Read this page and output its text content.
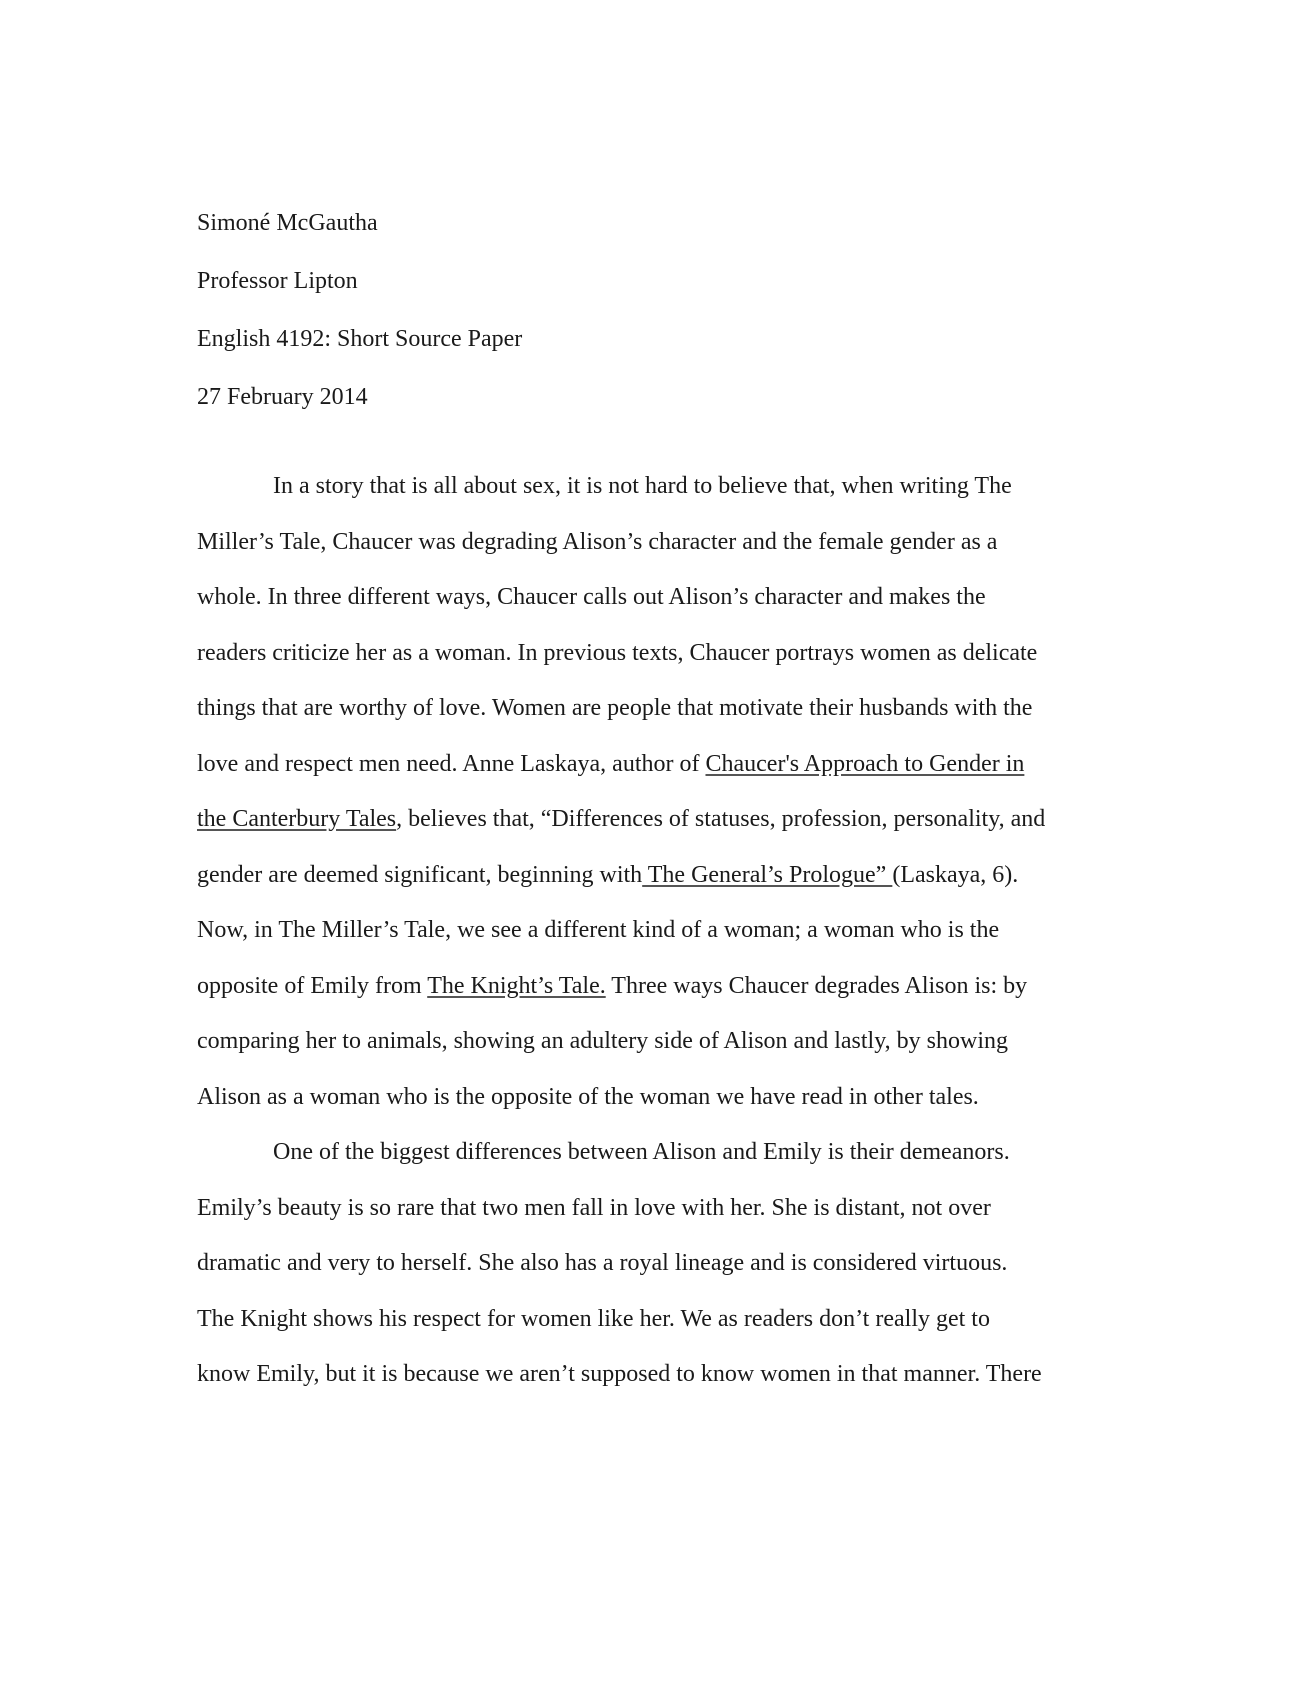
Simoné McGautha
Professor Lipton
English 4192: Short Source Paper
27 February 2014
In a story that is all about sex, it is not hard to believe that, when writing The
Miller’s Tale, Chaucer was degrading Alison’s character and the female gender as a
whole. In three different ways, Chaucer calls out Alison’s character and makes the
readers criticize her as a woman. In previous texts, Chaucer portrays women as delicate
things that are worthy of love. Women are people that motivate their husbands with the
love and respect men need. Anne Laskaya, author of Chaucer's Approach to Gender in
the Canterbury Tales, believes that, “Differences of statuses, profession, personality, and
gender are deemed significant, beginning with The General’s Prologue” (Laskaya, 6).
Now, in The Miller’s Tale, we see a different kind of a woman; a woman who is the
opposite of Emily from The Knight’s Tale. Three ways Chaucer degrades Alison is: by
comparing her to animals, showing an adultery side of Alison and lastly, by showing
Alison as a woman who is the opposite of the woman we have read in other tales.
One of the biggest differences between Alison and Emily is their demeanors.
Emily’s beauty is so rare that two men fall in love with her. She is distant, not over
dramatic and very to herself. She also has a royal lineage and is considered virtuous.
The Knight shows his respect for women like her. We as readers don’t really get to
know Emily, but it is because we aren’t supposed to know women in that manner. There
